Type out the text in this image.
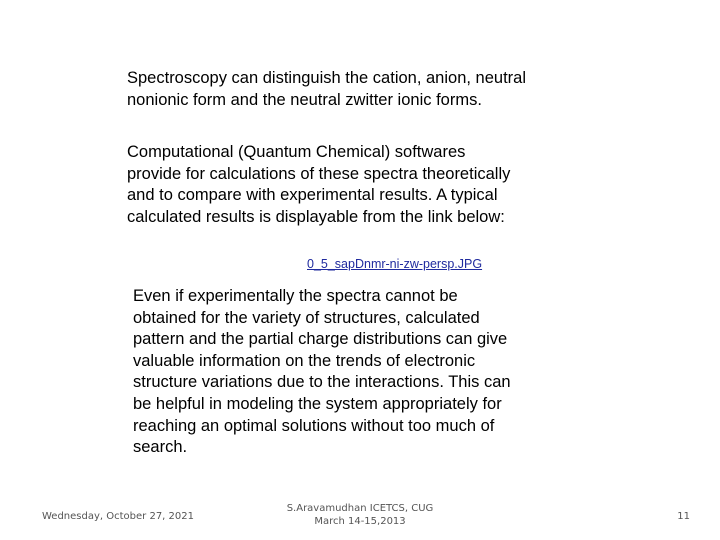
Spectroscopy can distinguish the cation, anion, neutral
nonionic form and the neutral zwitter ionic forms.

Computational (Quantum Chemical) softwares
provide for calculations of these spectra theoretically
and to compare with experimental results. A typical
calculated results is displayable from the link below:

0_5_sapDnmr-ni-zw-persp.JPG

Even if experimentally the spectra cannot be
obtained for the variety of structures, calculated
pattern and the partial charge distributions can give
valuable information on the trends of electronic
structure variations due to the interactions. This can
be helpful in modeling the system appropriately for
reaching an optimal solutions without too much of
search.

Wednesday, October 27, 2021
S.Aravamudhan ICETCS, CUG
March 14-15,2013	11
